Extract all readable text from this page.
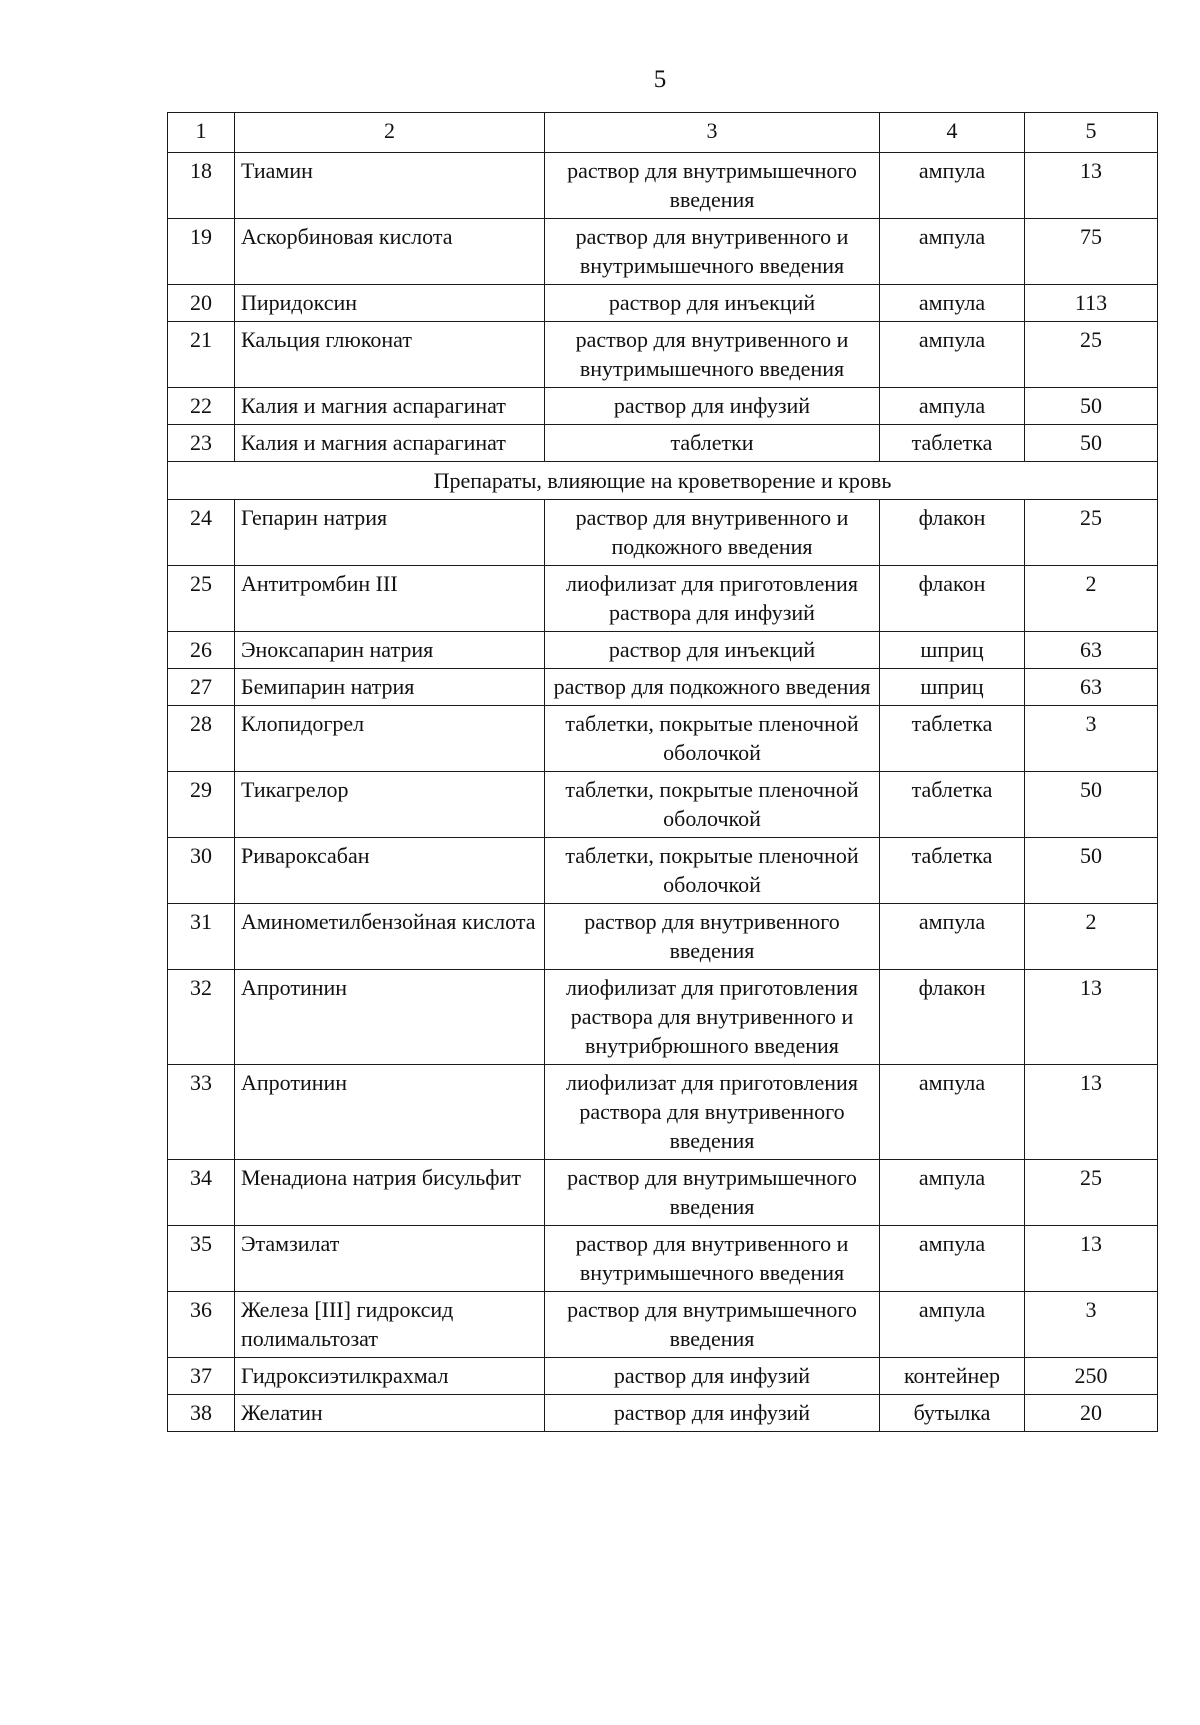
5
1	2	3	4	5
18	Тиамин	раствор для внутримышечного введения	ампула	13
19	Аскорбиновая кислота	раствор для внутривенного и внутримышечного введения	ампула	75
20	Пиридоксин	раствор для инъекций	ампула	113
21	Кальция глюконат	раствор для внутривенного и внутримышечного введения	ампула	25
22	Калия и магния аспарагинат	раствор для инфузий	ампула	50
23	Калия и магния аспарагинат	таблетки	таблетка	50
Препараты, влияющие на кроветворение и кровь				
24	Гепарин натрия	раствор для внутривенного и подкожного введения	флакон	25
25	Антитромбин III	лиофилизат для приготовления раствора для инфузий	флакон	2
26	Эноксапарин натрия	раствор для инъекций	шприц	63
27	Бемипарин натрия	раствор для подкожного введения	шприц	63
28	Клопидогрел	таблетки, покрытые пленочной оболочкой	таблетка	3
29	Тикагрелор	таблетки, покрытые пленочной оболочкой	таблетка	50
30	Ривароксабан	таблетки, покрытые пленочной оболочкой	таблетка	50
31	Аминометилбензойная кислота	раствор для внутривенного введения	ампула	2
32	Апротинин	лиофилизат для приготовления раствора для внутривенного и внутрибрюшного введения	флакон	13
33	Апротинин	лиофилизат для приготовления раствора для внутривенного введения	ампула	13
34	Менадиона натрия бисульфит	раствор для внутримышечного введения	ампула	25
35	Этамзилат	раствор для внутривенного и внутримышечного введения	ампула	13
36	Железа [III] гидроксид полимальтозат	раствор для внутримышечного введения	ампула	3
37	Гидроксиэтилкрахмал	раствор для инфузий	контейнер	250
38	Желатин	раствор для инфузий	бутылка	20
